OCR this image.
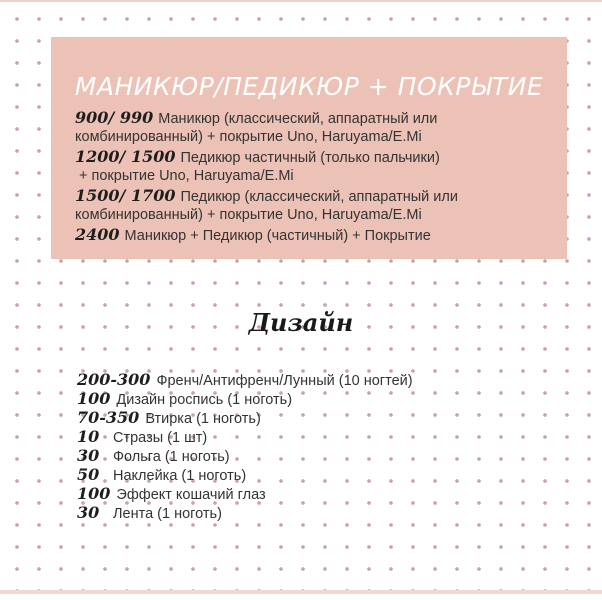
МАНИКЮР/ПЕДИКЮР + ПОКРЫТИЕ
900/ 990 Маникюр (классический, аппаратный или
комбинированный) + покрытие Uno, Haruyama/E.Mi
1200/ 1500 Педикюр частичный (только пальчики)
+ покрытие Uno, Haruyama/E.Mi
1500/ 1700 Педикюр (классический, аппаратный или
комбинированный) + покрытие Uno, Haruyama/E.Mi
2400 Маникюр + Педикюр (частичный) + Покрытие
Дизайн
200-300 Френч/Антифренч/Лунный (10 ногтей)
100 Дизайн роспись (1 ноготь)
70-350 Втирка (1 ноготь)
10 Стразы (1 шт)
30 Фольга (1 ноготь)
50 Наклейка (1 ноготь)
100 Эффект кошачий глаз
30 Лента (1 ноготь)
